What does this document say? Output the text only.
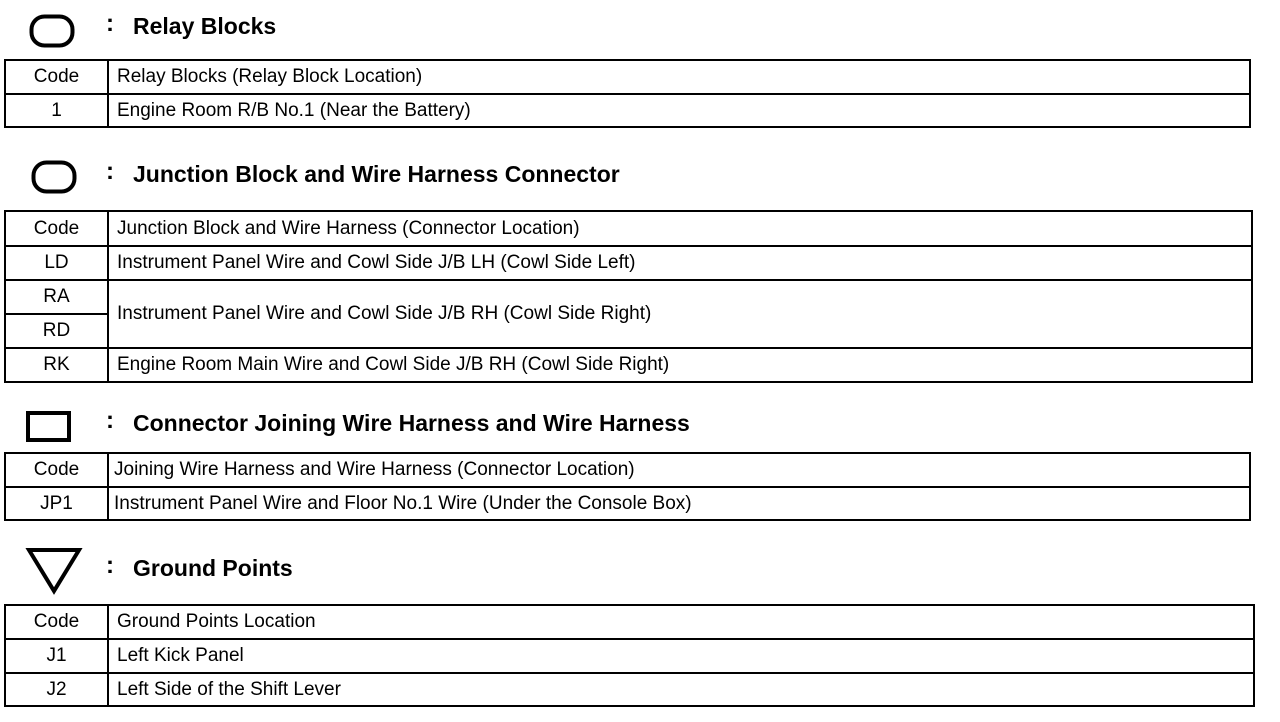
: Relay Blocks
Code	Relay Blocks (Relay Block Location)
1	Engine Room R/B No.1 (Near the Battery)
: Junction Block and Wire Harness Connector
Code	Junction Block and Wire Harness (Connector Location)
LD	Instrument Panel Wire and Cowl Side J/B LH (Cowl Side Left)
RA	Instrument Panel Wire and Cowl Side J/B RH (Cowl Side Right)
RD	
RK	Engine Room Main Wire and Cowl Side J/B RH (Cowl Side Right)
: Connector Joining Wire Harness and Wire Harness
Code	Joining Wire Harness and Wire Harness (Connector Location)
JP1	Instrument Panel Wire and Floor No.1 Wire (Under the Console Box)
: Ground Points
Code	Ground Points Location
J1	Left Kick Panel
J2	Left Side of the Shift Lever
